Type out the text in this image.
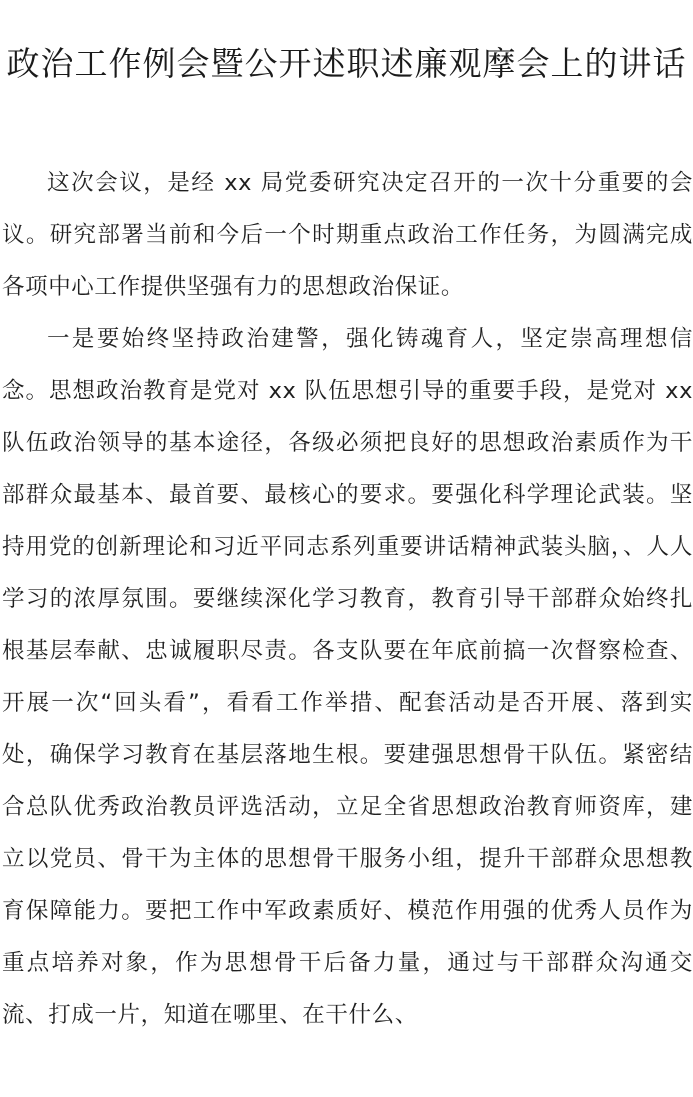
政治工作例会暨公开述职述廉观摩会上的讲话

这次会议，是经 xx 局党委研究决定召开的一次十分重要的会议。研究部署当前和今后一个时期重点政治工作任务，为圆满完成各项中心工作提供坚强有力的思想政治保证。

一是要始终坚持政治建警，强化铸魂育人，坚定崇高理想信念。思想政治教育是党对 xx 队伍思想引导的重要手段，是党对 xx 队伍政治领导的基本途径，各级必须把良好的思想政治素质作为干部群众最基本、最首要、最核心的要求。要强化科学理论武装。坚持用党的创新理论和习近平同志系列重要讲话精神武装头脑，、人人学习的浓厚氛围。要继续深化学习教育，教育引导干部群众始终扎根基层奉献、忠诚履职尽责。各支队要在年底前搞一次督察检查、开展一次“回头看”，看看工作举措、配套活动是否开展、落到实处，确保学习教育在基层落地生根。要建强思想骨干队伍。紧密结合总队优秀政治教员评选活动，立足全省思想政治教育师资库，建立以党员、骨干为主体的思想骨干服务小组，提升干部群众思想教育保障能力。要把工作中军政素质好、模范作用强的优秀人员作为重点培养对象，作为思想骨干后备力量，通过与干部群众沟通交流、打成一片，知道在哪里、在干什么、
